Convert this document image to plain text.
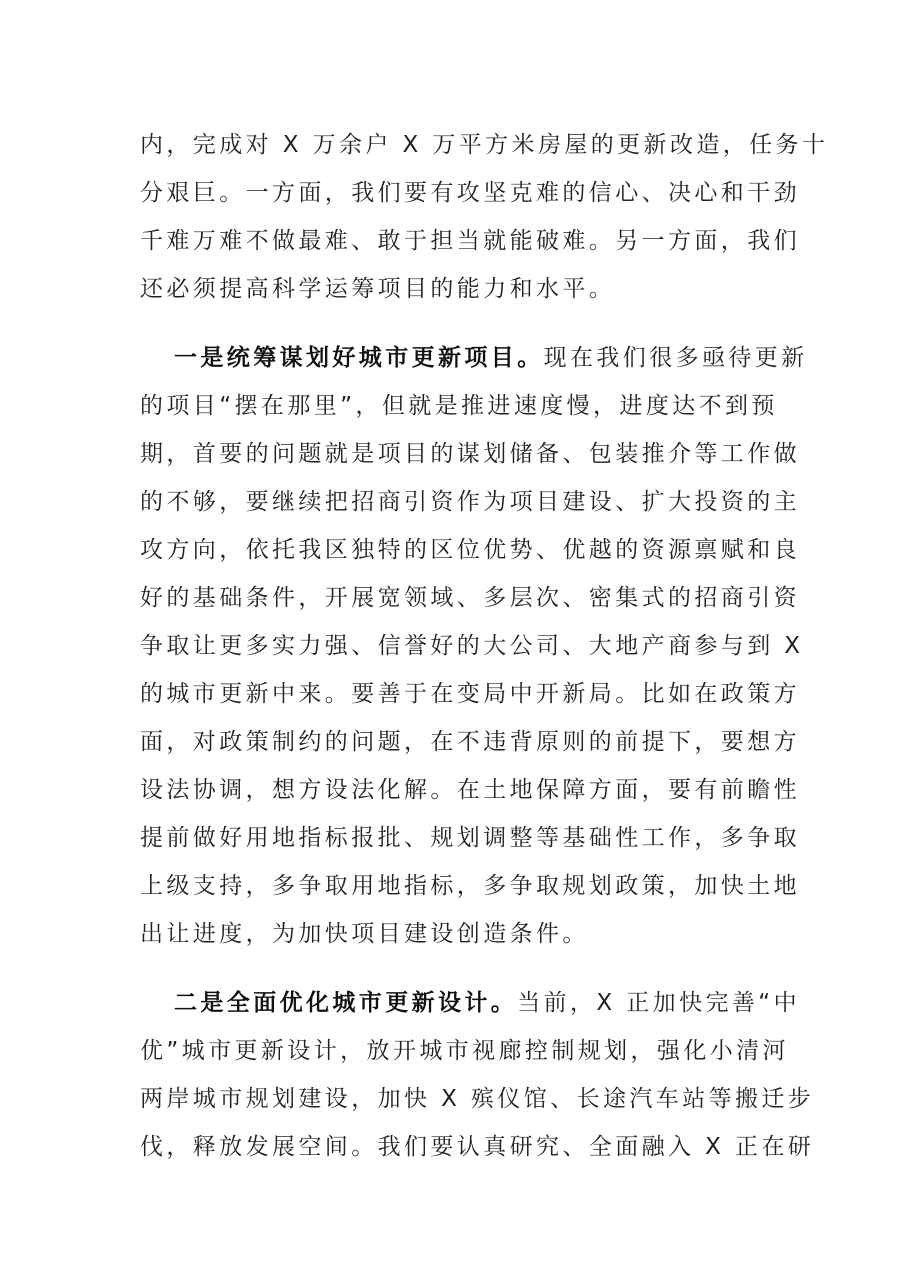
内，完成对 X 万余户 X 万平方米房屋的更新改造，任务十
分艰巨。一方面，我们要有攻坚克难的信心、决心和干劲
千难万难不做最难、敢于担当就能破难。另一方面，我们
还必须提高科学运筹项目的能力和水平。
一是统筹谋划好城市更新项目。现在我们很多亟待更新
的项目“摆在那里”，但就是推进速度慢，进度达不到预
期，首要的问题就是项目的谋划储备、包装推介等工作做
的不够，要继续把招商引资作为项目建设、扩大投资的主
攻方向，依托我区独特的区位优势、优越的资源禀赋和良
好的基础条件，开展宽领域、多层次、密集式的招商引资
争取让更多实力强、信誉好的大公司、大地产商参与到 X
的城市更新中来。要善于在变局中开新局。比如在政策方
面，对政策制约的问题，在不违背原则的前提下，要想方
设法协调，想方设法化解。在土地保障方面，要有前瞻性
提前做好用地指标报批、规划调整等基础性工作，多争取
上级支持，多争取用地指标，多争取规划政策，加快土地
出让进度，为加快项目建设创造条件。
二是全面优化城市更新设计。当前，X 正加快完善“中
优”城市更新设计，放开城市视廊控制规划，强化小清河
两岸城市规划建设，加快 X 殡仪馆、长途汽车站等搬迁步
伐，释放发展空间。我们要认真研究、全面融入 X 正在研
